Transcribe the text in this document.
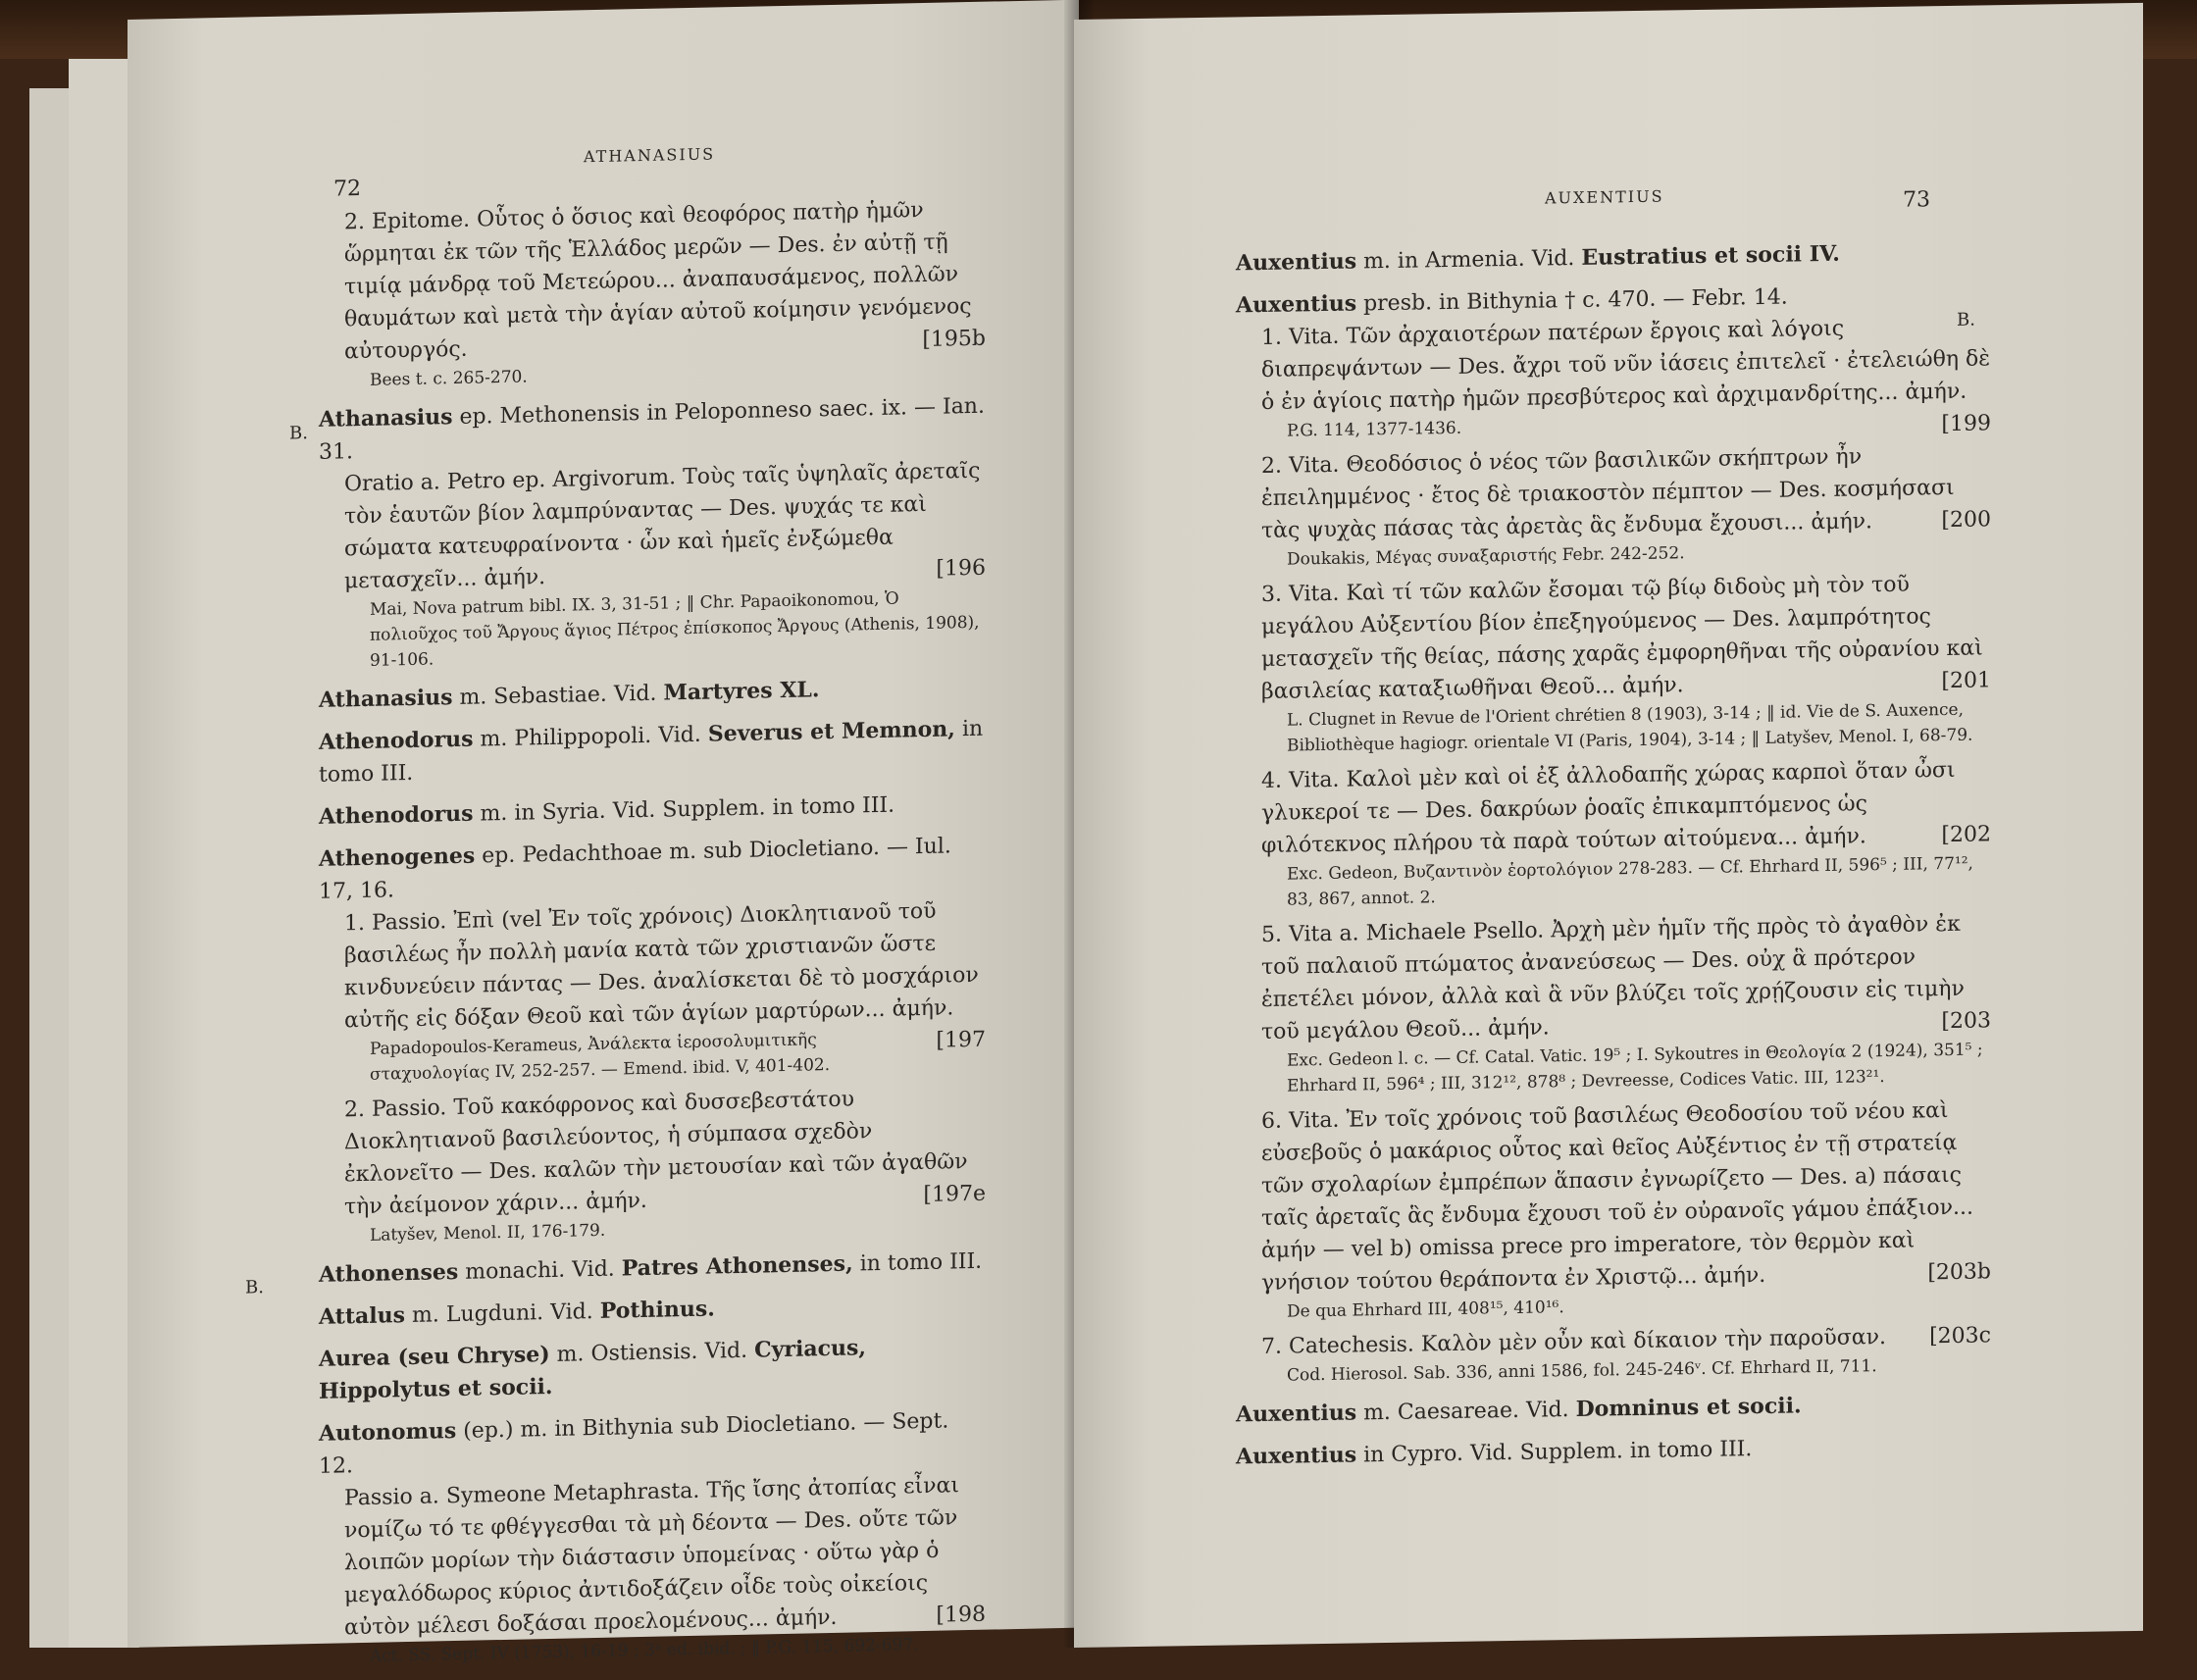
72
ATHANASIUS
B.
B.

2. Epitome. Οὗτος ὁ ὅσιος καὶ θεοφόρος πατὴρ ἡμῶν ὥρμηται ἐκ τῶν τῆς Ἑλλάδος μερῶν — Des. ἐν αὐτῇ τῇ τιμίᾳ μάνδρᾳ τοῦ Μετεώρου... ἀναπαυσάμενος, πολλῶν θαυμάτων καὶ μετὰ τὴν ἁγίαν αὐτοῦ κοίμησιν γενόμενος αὐτουργός.	[195b

Bees t. c. 265-270.

Athanasius ep. Methonensis in Peloponneso saec. ix. — Ian. 31.

Oratio a. Petro ep. Argivorum. Τοὺς ταῖς ὑψηλαῖς ἀρεταῖς τὸν ἑαυτῶν βίον λαμπρύναντας — Des. ψυχάς τε καὶ σώματα κατευφραίνοντα · ὧν καὶ ἡμεῖς ἐνξώμεθα μετασχεῖν... ἀμήν.	[196

Mai, Nova patrum bibl. IX. 3, 31-51 ; ‖ Chr. Papaoikonomou, Ὁ πολιοῦχος τοῦ Ἄργους ἅγιος Πέτρος ἐπίσκοπος Ἄργους (Athenis, 1908), 91-106.

Athanasius m. Sebastiae. Vid. Martyres XL.

Athenodorus m. Philippopoli. Vid. Severus et Memnon, in tomo III.

Athenodorus m. in Syria. Vid. Supplem. in tomo III.

Athenogenes ep. Pedachthoae m. sub Diocletiano. — Iul. 17, 16.

1. Passio. Ἐπὶ (vel Ἐν τοῖς χρόνοις) Διοκλητιανοῦ τοῦ βασιλέως ἦν πολλὴ μανία κατὰ τῶν χριστιανῶν ὥστε κινδυνεύειν πάντας — Des. ἀναλίσκεται δὲ τὸ μοσχάριον αὐτῆς εἰς δόξαν Θεοῦ καὶ τῶν ἁγίων μαρτύρων... ἀμήν.
[197

Papadopoulos-Kerameus, Ἀνάλεκτα ἱεροσολυμιτικῆς σταχυολογίας IV, 252-257. — Emend. ibid. V, 401-402.

2. Passio. Τοῦ κακόφρονος καὶ δυσσεβεστάτου Διοκλητιανοῦ βασιλεύοντος, ἡ σύμπασα σχεδὸν ἐκλονεῖτο — Des. καλῶν τὴν μετουσίαν καὶ τῶν ἀγαθῶν τὴν ἀείμονον χάριν... ἀμήν.	[197e

Latyšev, Menol. II, 176-179.

Athonenses monachi. Vid. Patres Athonenses, in tomo III.

Attalus m. Lugduni. Vid. Pothinus.

Aurea (seu Chryse) m. Ostiensis. Vid. Cyriacus, Hippolytus et socii.

Autonomus (ep.) m. in Bithynia sub Diocletiano. — Sept. 12.

Passio a. Symeone Metaphrasta. Τῆς ἴσης ἀτοπίας εἶναι νομίζω τό τε φθέγγεσθαι τὰ μὴ δέοντα — Des. οὔτε τῶν λοιπῶν μορίων τὴν διάστασιν ὑπομείνας · οὕτω γὰρ ὁ μεγαλόδωρος κύριος ἀντιδοξάζειν οἶδε τοὺς οἰκείοις αὐτὸν μέλεσι δοξάσαι προελομένους... ἀμήν.	[198

Act. SS. Sept. IV (1753), 16-19 ; 3ᵃ ed. ibid. ; ‖ P.G. 115, 692-697.

73
AUXENTIUS
B.

Auxentius m. in Armenia. Vid. Eustratius et socii IV.

Auxentius presb. in Bithynia † c. 470. — Febr. 14.

1. Vita. Τῶν ἀρχαιοτέρων πατέρων ἔργοις καὶ λόγοις διαπρεψάντων — Des. ἄχρι τοῦ νῦν ἰάσεις ἐπιτελεῖ · ἐτελειώθη δὲ ὁ ἐν ἁγίοις πατὴρ ἡμῶν πρεσβύτερος καὶ ἀρχιμανδρίτης... ἀμήν.
[199

P.G. 114, 1377-1436.

2. Vita. Θεοδόσιος ὁ νέος τῶν βασιλικῶν σκήπτρων ἦν ἐπειλημμένος · ἔτος δὲ τριακοστὸν πέμπτον — Des. κοσμήσασι τὰς ψυχὰς πάσας τὰς ἀρετὰς ἃς ἔνδυμα ἔχουσι... ἀμήν.	[200

Doukakis, Μέγας συναξαριστής Febr. 242-252.

3. Vita. Καὶ τί τῶν καλῶν ἔσομαι τῷ βίῳ διδοὺς μὴ τὸν τοῦ μεγάλου Αὐξεντίου βίον ἐπεξηγούμενος — Des. λαμπρότητος μετασχεῖν τῆς θείας, πάσης χαρᾶς ἐμφορηθῆναι τῆς οὐρανίου καὶ βασιλείας καταξιωθῆναι Θεοῦ... ἀμήν.	[201

L. Clugnet in Revue de l'Orient chrétien 8 (1903), 3-14 ; ‖ id. Vie de S. Auxence, Bibliothèque hagiogr. orientale VI (Paris, 1904), 3-14 ; ‖ Latyšev, Menol. I, 68-79.

4. Vita. Καλοὶ μὲν καὶ οἱ ἐξ ἀλλοδαπῆς χώρας καρποὶ ὅταν ὦσι γλυκεροί τε — Des. δακρύων ῥοαῖς ἐπικαμπτόμενος ὡς φιλότεκνος πλήρου τὰ παρὰ τούτων αἰτούμενα... ἀμήν.	[202

Exc. Gedeon, Βυζαντινὸν ἑορτολόγιον 278-283. — Cf. Ehrhard II, 596⁵ ; III, 77¹², 83, 867, annot. 2.

5. Vita a. Michaele Psello. Ἀρχὴ μὲν ἡμῖν τῆς πρὸς τὸ ἀγαθὸν ἐκ τοῦ παλαιοῦ πτώματος ἀνανεύσεως — Des. οὐχ ἃ πρότερον ἐπετέλει μόνον, ἀλλὰ καὶ ἃ νῦν βλύζει τοῖς χρῄζουσιν εἰς τιμὴν τοῦ μεγάλου Θεοῦ... ἀμήν.	[203

Exc. Gedeon l. c. — Cf. Catal. Vatic. 19⁵ ; I. Sykoutres in Θεολογία 2 (1924), 351⁵ ; Ehrhard II, 596⁴ ; III, 312¹², 878⁸ ; Devreesse, Codices Vatic. III, 123²¹.

6. Vita. Ἐν τοῖς χρόνοις τοῦ βασιλέως Θεοδοσίου τοῦ νέου καὶ εὐσεβοῦς ὁ μακάριος οὗτος καὶ θεῖος Αὐξέντιος ἐν τῇ στρατείᾳ τῶν σχολαρίων ἐμπρέπων ἅπασιν ἐγνωρίζετο — Des. a) πάσαις ταῖς ἀρεταῖς ἃς ἔνδυμα ἔχουσι τοῦ ἐν οὐρανοῖς γάμου ἐπάξιον... ἀμήν — vel b) omissa prece pro imperatore, τὸν θερμὸν καὶ γνήσιον τούτου θεράποντα ἐν Χριστῷ... ἀμήν.	[203b

De qua Ehrhard III, 408¹⁵, 410¹⁶.

7. Catechesis. Καλὸν μὲν οὖν καὶ δίκαιον τὴν παροῦσαν. [203c

Cod. Hierosol. Sab. 336, anni 1586, fol. 245-246ᵛ. Cf. Ehrhard II, 711.

Auxentius m. Caesareae. Vid. Domninus et socii.

Auxentius in Cypro. Vid. Supplem. in tomo III.
